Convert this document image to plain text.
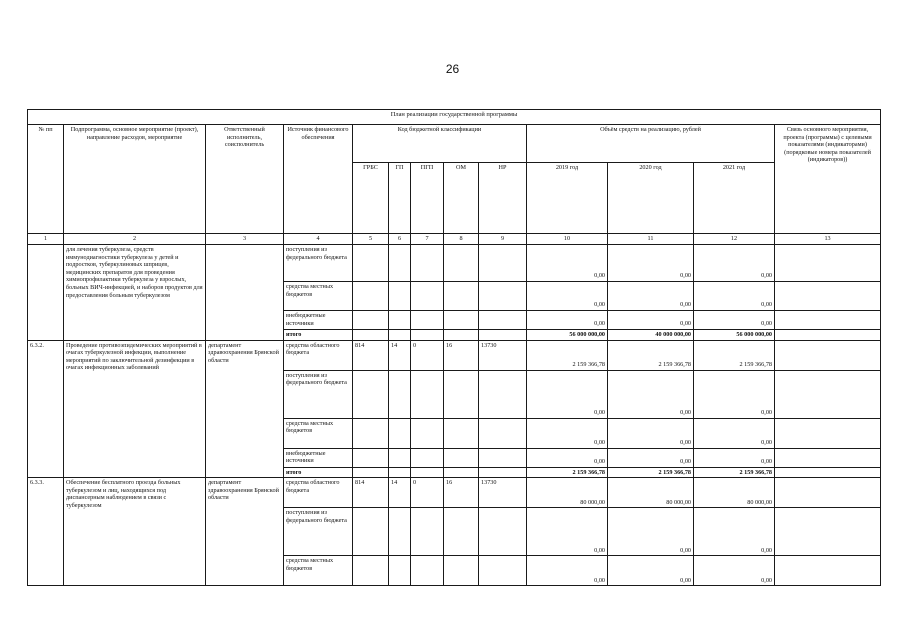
26
План реализации государственной программы												
№ пп	Подпрограмма, основное мероприятие (проект), направление расходов, мероприятие	Ответственный исполнитель, соисполнитель	Источник финансового обеспечения	Код бюджетной классификации					Объём средств на реализацию, рублей			Связь основного мероприятия, проекта (программы) с целевыми показателями (индикаторами) (порядковые номера показателей (индикаторов))
				ГРБС	ГП	ПГП	ОМ	НР	2019 год	2020 год	2021 год	
1	2	3	4	5	6	7	8	9	10	11	12	13
	для лечения туберкулеза, средств иммунодиагностики туберкулеза у детей и подростков, туберкулиновых шприцев, медицинских препаратов для проведения химиопрофилактики туберкулеза у взрослых, больных ВИЧ-инфекцией, и наборов продуктов для предоставления больным туберкулезом		поступления из федерального бюджета						0,00	0,00	0,00	
			средства местных бюджетов						0,00	0,00	0,00	
			внебюджетные источники						0,00	0,00	0,00	
			итого						56 000 000,00	40 000 000,00	56 000 000,00	
6.3.2.	Проведение противоэпидемических мероприятий в очагах туберкулезной инфекции, выполнение мероприятий по заключительной дезинфекции в очагах инфекционных заболеваний	департамент здравоохранения Брянской области	средства областного бюджета	814	14	0	16	13730	2 159 366,78	2 159 366,78	2 159 366,78	
			поступления из федерального бюджета						0,00	0,00	0,00	
			средства местных бюджетов						0,00	0,00	0,00	
			внебюджетные источники						0,00	0,00	0,00	
			итого						2 159 366,78	2 159 366,78	2 159 366,78	
6.3.3.	Обеспечение бесплатного проезда больных туберкулезом и лиц, находящихся под диспансерным наблюдением в связи с туберкулезом	департамент здравоохранения Брянской области	средства областного бюджета	814	14	0	16	13730	80 000,00	80 000,00	80 000,00	
			поступления из федерального бюджета						0,00	0,00	0,00	
			средства местных бюджетов						0,00	0,00	0,00	
